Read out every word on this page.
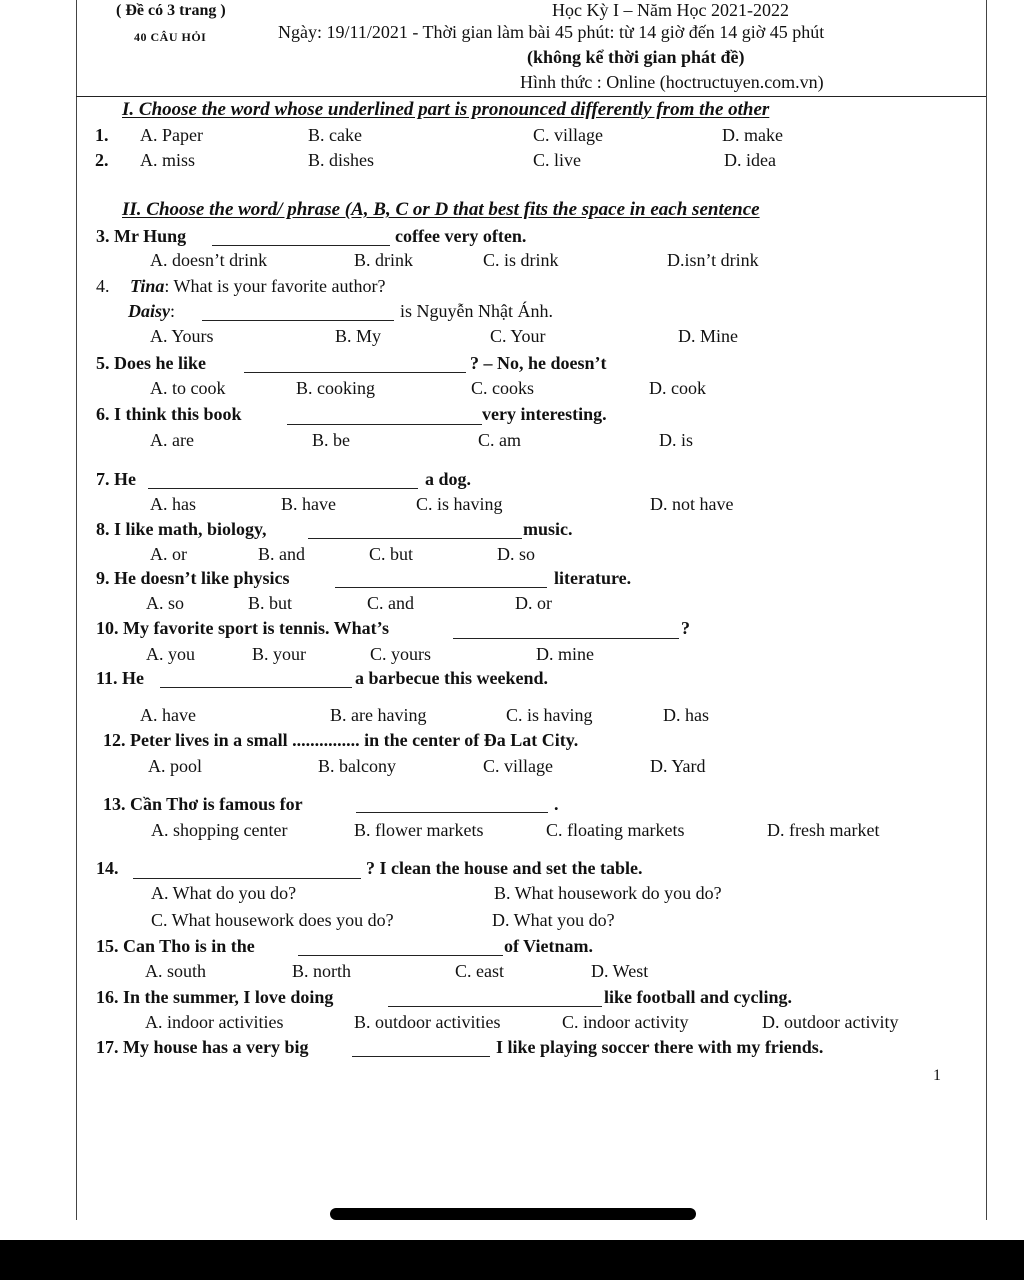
( Đề có 3 trang )	Học Kỳ I – Năm Học 2021-2022
40 CÂU HỎI	Ngày: 19/11/2021 - Thời gian làm bài 45 phút: từ 14 giờ đến 14 giờ 45 phút
(không kể thời gian phát đề)
Hình thức : Online (hoctructuyen.com.vn)
I. Choose the word whose underlined part is pronounced differently from the other
1. A. Paper	B. cake	C. village	D. make
2. A. miss	B. dishes	C. live	D. idea
II. Choose the word/ phrase (A, B, C or D that best fits the space in each sentence
3. Mr Hung	coffee very often.
A. doesn’t drink	B. drink	C. is drink	D.isn’t drink
4. Tina: What is your favorite author?
Daisy:	is Nguyễn Nhật Ánh.
A. Yours	B. My	C. Your	D. Mine
5. Does he like	? – No, he doesn’t
A. to cook	B. cooking	C. cooks	D. cook
6. I think this book	very interesting.
A. are	B. be	C. am	D. is
7. He	a dog.
A. has	B. have	C. is having	D. not have
8. I like math, biology,	music.
A. or	B. and	C. but	D. so
9. He doesn’t like physics	literature.
A. so	B. but	C. and	D. or
10. My favorite sport is tennis. What’s	?
A. you	B. your	C. yours	D. mine
11. He	a barbecue this weekend.
A. have	B. are having	C. is having	D. has
12. Peter lives in a small ............... in the center of Đa Lat City.
A. pool	B. balcony	C. village	D. Yard
13. Cần Thơ is famous for	.
A. shopping center	B. flower markets	C. floating markets	D. fresh market
14.	? I clean the house and set the table.
A. What do you do?	B. What housework do you do?
C. What housework does you do?	D. What you do?
15. Can Tho is in the	of Vietnam.
A. south	B. north	C. east	D. West
16. In the summer, I love doing	like football and cycling.
A. indoor activities	B. outdoor activities	C. indoor activity	D. outdoor activity
17. My house has a very big	I like playing soccer there with my friends.
1
